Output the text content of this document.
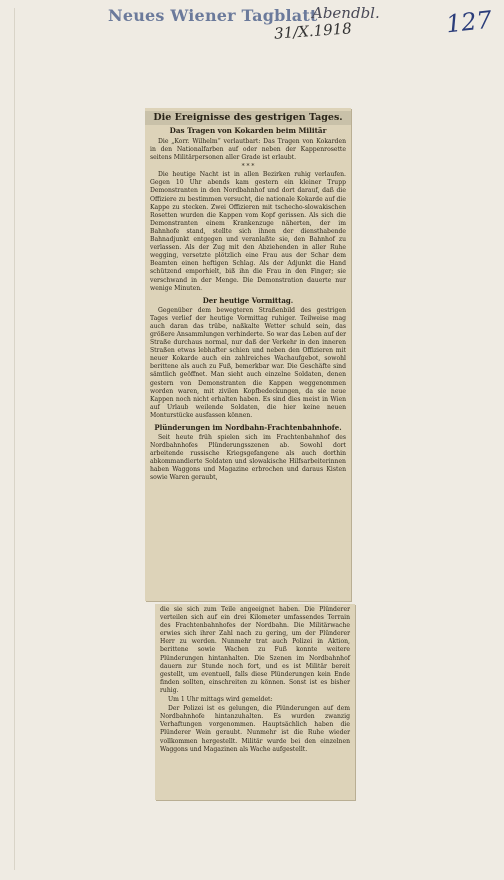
Neues Wiener Tagblatt
Abendbl.
31/X.1918	127
Die Ereignisse des gestrigen Tages.
Das Tragen von Kokarden beim Militär

Die „Korr. Wilhelm“ verlautbart: Das Tragen von Kokarden in den Nationalfarben auf oder neben der Kappenrosette seitens Militärpersonen aller Grade ist erlaubt.

* * *

Die heutige Nacht ist in allen Bezirken ruhig verlaufen. Gegen 10 Uhr abends kam gestern ein kleiner Trupp Demonstranten in den Nordbahnhof und dort darauf, daß die Offiziere zu bestimmen versucht, die nationale Kokarde auf die Kappe zu stecken. Zwei Offizieren mit tschecho-slowakischen Rosetten wurden die Kappen vom Kopf gerissen. Als sich die Demonstranten einem Krankenzuge näherten, der im Bahnhofe stand, stellte sich ihnen der diensthabende Bahnadjunkt entgegen und veranlaßte sie, den Bahnhof zu verlassen. Als der Zug mit den Abziehenden in aller Ruhe wegging, versetzte plötzlich eine Frau aus der Schar dem Beamten einen heftigen Schlag. Als der Adjunkt die Hand schützend emporhielt, biß ihn die Frau in den Finger; sie verschwand in der Menge. Die Demonstration dauerte nur wenige Minuten.

Der heutige Vormittag.

Gegenüber dem bewegteren Straßenbild des gestrigen Tages verlief der heutige Vormittag ruhiger. Teilweise mag auch daran das trübe, naßkalte Wetter schuld sein, das größere Ansammlungen verhinderte. So war das Leben auf der Straße durchaus normal, nur daß der Verkehr in den inneren Straßen etwas lebhafter schien und neben den Offizieren mit neuer Kokarde auch ein zahlreiches Wachaufgebot, sowohl berittene als auch zu Fuß, bemerkbar war. Die Geschäfte sind sämtlich geöffnet. Man sieht auch einzelne Soldaten, denen gestern von Demonstranten die Kappen weggenommen worden waren, mit zivilen Kopfbedeckungen, da sie neue Kappen noch nicht erhalten haben. Es sind dies meist in Wien auf Urlaub weilende Soldaten, die hier keine neuen Monturstücke ausfassen können.

Plünderungen im Nordbahn-Frachtenbahnhofe.

Seit heute früh spielen sich im Frachtenbahnhof des Nordbahnhofes Plünderungsszenen ab. Sowohl dort arbeitende russische Kriegsgefangene als auch dorthin abkommandierte Soldaten und slowakische Hilfsarbeiterinnen haben Waggons und Magazine erbrochen und daraus Kisten sowie Waren geraubt,

die sie sich zum Teile angeeignet haben. Die Plünderer verteilen sich auf ein drei Kilometer umfassendes Terrain des Frachtenbahnhofes der Nordbahn. Die Militärwache erwies sich ihrer Zahl nach zu gering, um der Plünderer Herr zu werden. Nunmehr trat auch Polizei in Aktion, berittene sowie Wachen zu Fuß konnte weitere Plünderungen hintanhalten. Die Szenen im Nordbahnhof dauern zur Stunde noch fort, und es ist Militär bereit gestellt, um eventuell, falls diese Plünderungen kein Ende finden sollten, einschreiten zu können. Sonst ist es bisher ruhig.

Um 1 Uhr mittags wird gemeldet:

Der Polizei ist es gelungen, die Plünderungen auf dem Nordbahnhofe hintanzuhalten. Es wurden zwanzig Verhaftungen vorgenommen. Hauptsächlich haben die Plünderer Wein geraubt. Nunmehr ist die Ruhe wieder vollkommen hergestellt. Militär wurde bei den einzelnen Waggons und Magazinen als Wache aufgestellt.
